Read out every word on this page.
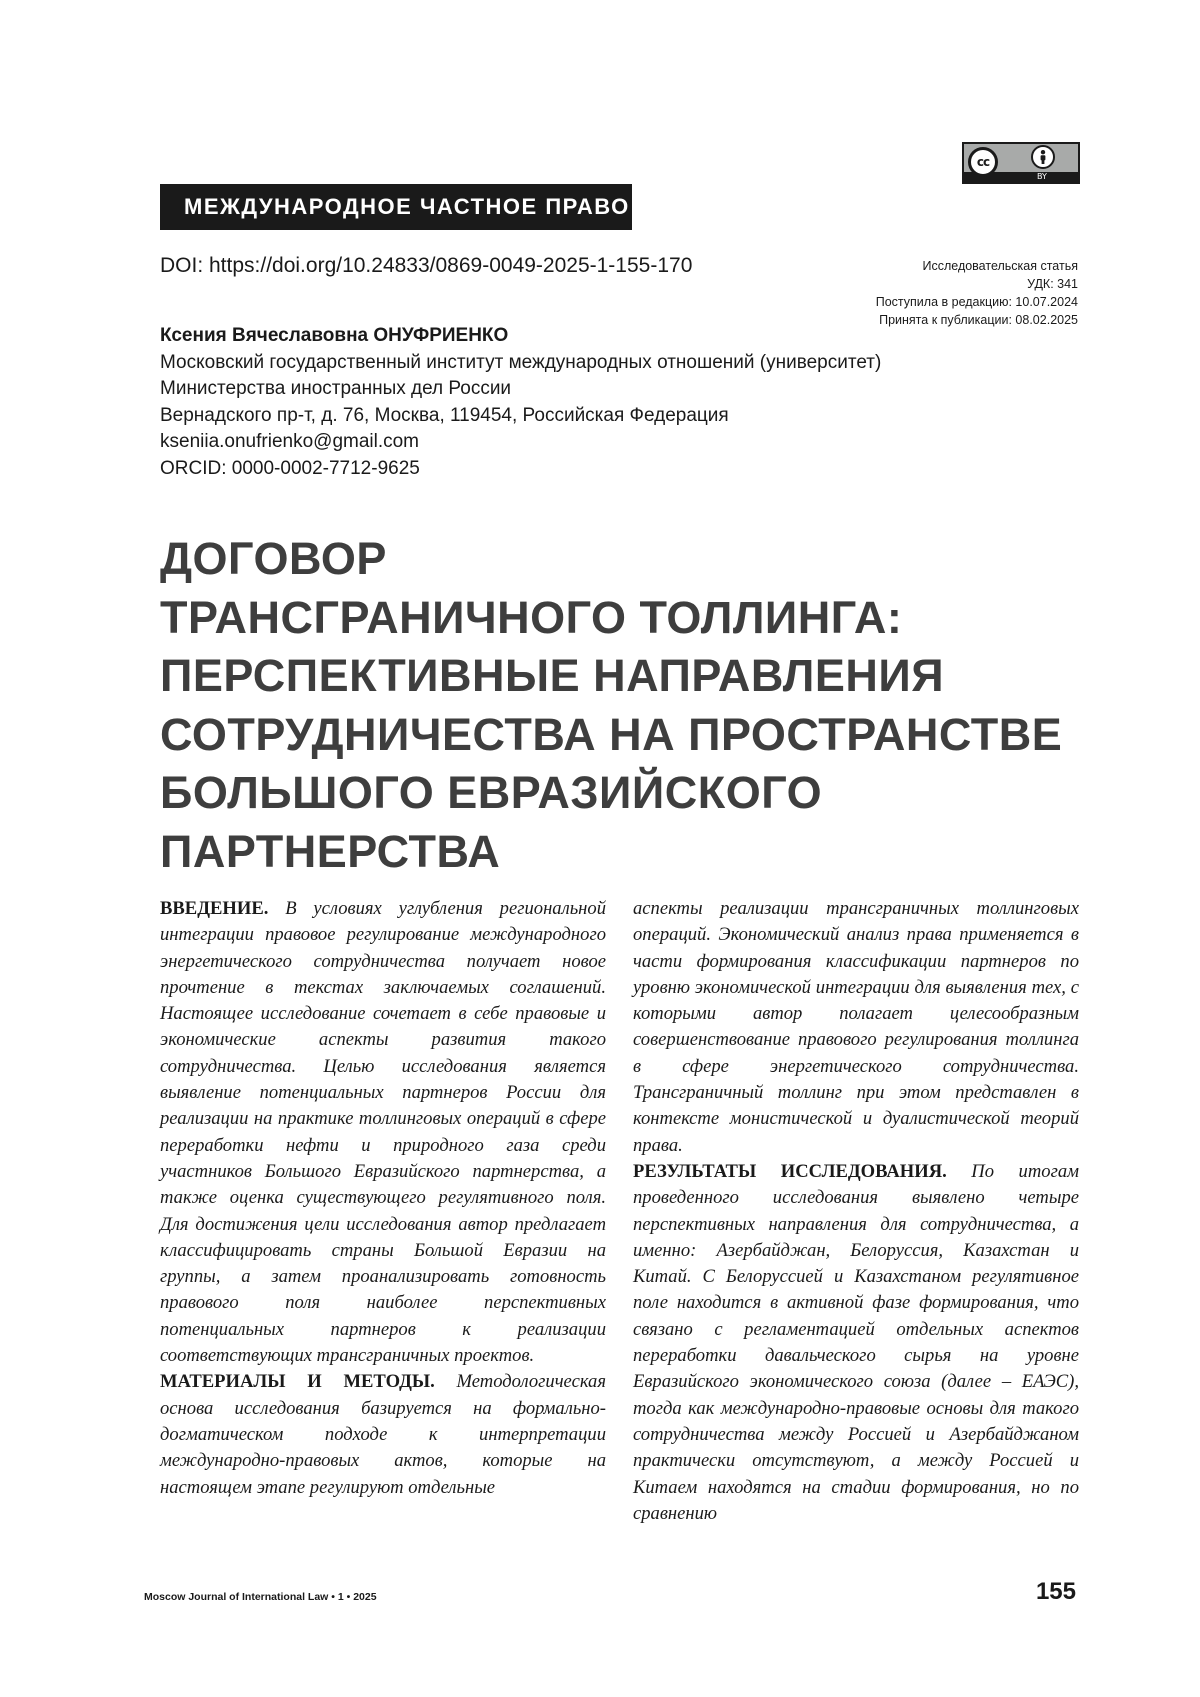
cc
BY
МЕЖДУНАРОДНОЕ ЧАСТНОЕ ПРАВО
DOI: https://doi.org/10.24833/0869-0049-2025-1-155-170	Исследовательская статья
УДК: 341
Поступила в редакцию: 10.07.2024
Принята к публикации: 08.02.2025
Ксения Вячеславовна ОНУФРИЕНКО
Московский государственный институт международных отношений (университет)
Министерства иностранных дел России
Вернадского пр-т, д. 76, Москва, 119454, Российская Федерация
kseniia.onufrienko@gmail.com
ORCID: 0000-0002-7712-9625
ДОГОВОР
ТРАНСГРАНИЧНОГО ТОЛЛИНГА:
ПЕРСПЕКТИВНЫЕ НАПРАВЛЕНИЯ
СОТРУДНИЧЕСТВА НА ПРОСТРАНСТВЕ
БОЛЬШОГО ЕВРАЗИЙСКОГО
ПАРТНЕРСТВА

ВВЕДЕНИЕ. В условиях углубления региональной интеграции правовое регулирование международного энергетического сотрудничества получает новое прочтение в текстах заключаемых соглашений. Настоящее исследование сочетает в себе правовые и экономические аспекты развития такого сотрудничества. Целью исследования является выявление потенциальных партнеров России для реализации на практике толлинговых операций в сфере переработки нефти и природного газа среди участников Большого Евразийского партнерства, а также оценка существующего регулятивного поля. Для достижения цели исследования автор предлагает классифицировать страны Большой Евразии на группы, а затем проанализировать готовность правового поля наиболее перспективных потенциальных партнеров к реализации соответствующих трансграничных проектов.

МАТЕРИАЛЫ И МЕТОДЫ. Методологическая основа исследования базируется на формально-догматическом подходе к интерпретации международно-правовых актов, которые на настоящем этапе регулируют отдельные

аспекты реализации трансграничных толлинговых операций. Экономический анализ права применяется в части формирования классификации партнеров по уровню экономической интеграции для выявления тех, с которыми автор полагает целесообразным совершенствование правового регулирования толлинга в сфере энергетического сотрудничества. Трансграничный толлинг при этом представлен в контексте монистической и дуалистической теорий права.

РЕЗУЛЬТАТЫ ИССЛЕДОВАНИЯ. По итогам проведенного исследования выявлено четыре перспективных направления для сотрудничества, а именно: Азербайджан, Белоруссия, Казахстан и Китай. С Белоруссией и Казахстаном регулятивное поле находится в активной фазе формирования, что связано с регламентацией отдельных аспектов переработки давальческого сырья на уровне Евразийского экономического союза (далее – ЕАЭС), тогда как международно-правовые основы для такого сотрудничества между Россией и Азербайджаном практически отсутствуют, а между Россией и Китаем находятся на стадии формирования, но по сравнению

Moscow Journal of International Law • 1 • 2025	155
